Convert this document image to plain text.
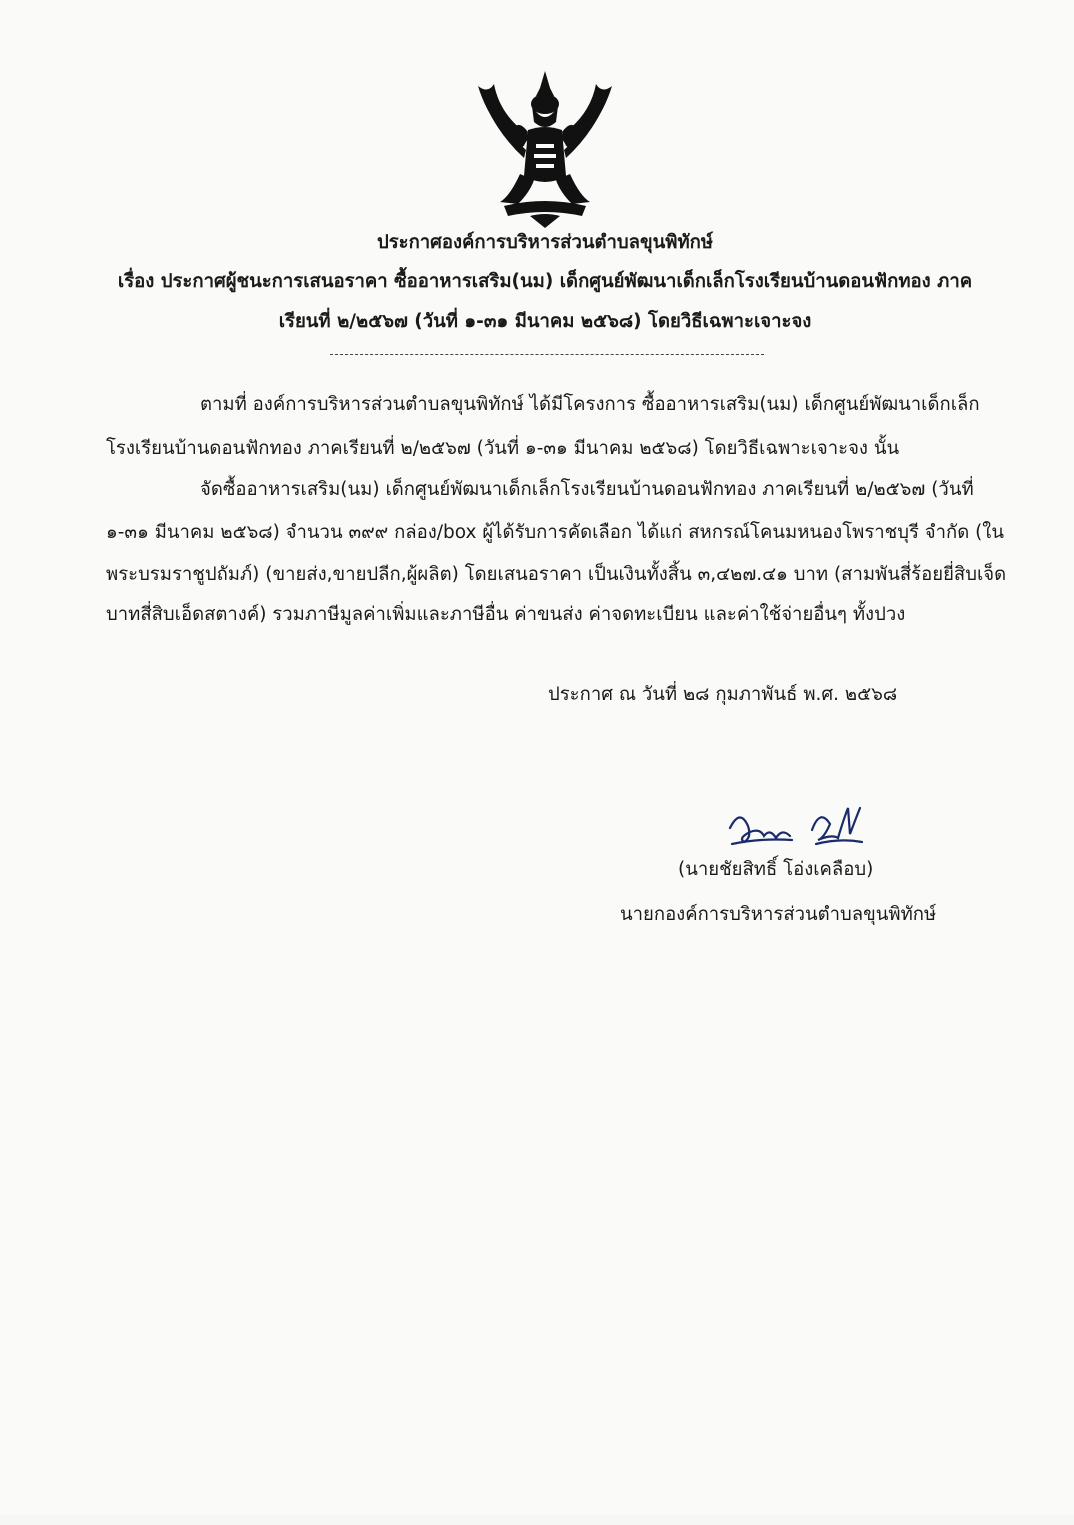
ประกาศองค์การบริหารส่วนตำบลขุนพิทักษ์
เรื่อง ประกาศผู้ชนะการเสนอราคา ซื้ออาหารเสริม(นม) เด็กศูนย์พัฒนาเด็กเล็กโรงเรียนบ้านดอนฟักทอง ภาค
เรียนที่ ๒/๒๕๖๗ (วันที่ ๑-๓๑ มีนาคม ๒๕๖๘) โดยวิธีเฉพาะเจาะจง
ตามที่ องค์การบริหารส่วนตำบลขุนพิทักษ์ ได้มีโครงการ ซื้ออาหารเสริม(นม) เด็กศูนย์พัฒนาเด็กเล็ก
โรงเรียนบ้านดอนฟักทอง ภาคเรียนที่ ๒/๒๕๖๗ (วันที่ ๑-๓๑ มีนาคม ๒๕๖๘) โดยวิธีเฉพาะเจาะจง นั้น
จัดซื้ออาหารเสริม(นม) เด็กศูนย์พัฒนาเด็กเล็กโรงเรียนบ้านดอนฟักทอง ภาคเรียนที่ ๒/๒๕๖๗ (วันที่
๑-๓๑ มีนาคม ๒๕๖๘) จำนวน ๓๙๙ กล่อง/box ผู้ได้รับการคัดเลือก ได้แก่ สหกรณ์โคนมหนองโพราชบุรี จำกัด (ใน
พระบรมราชูปถัมภ์) (ขายส่ง,ขายปลีก,ผู้ผลิต) โดยเสนอราคา เป็นเงินทั้งสิ้น ๓,๔๒๗.๔๑ บาท (สามพันสี่ร้อยยี่สิบเจ็ด
บาทสี่สิบเอ็ดสตางค์) รวมภาษีมูลค่าเพิ่มและภาษีอื่น ค่าขนส่ง ค่าจดทะเบียน และค่าใช้จ่ายอื่นๆ ทั้งปวง
ประกาศ ณ วันที่ ๒๘ กุมภาพันธ์ พ.ศ. ๒๕๖๘
(นายชัยสิทธิ์ โอ่งเคลือบ)
นายกองค์การบริหารส่วนตำบลขุนพิทักษ์
